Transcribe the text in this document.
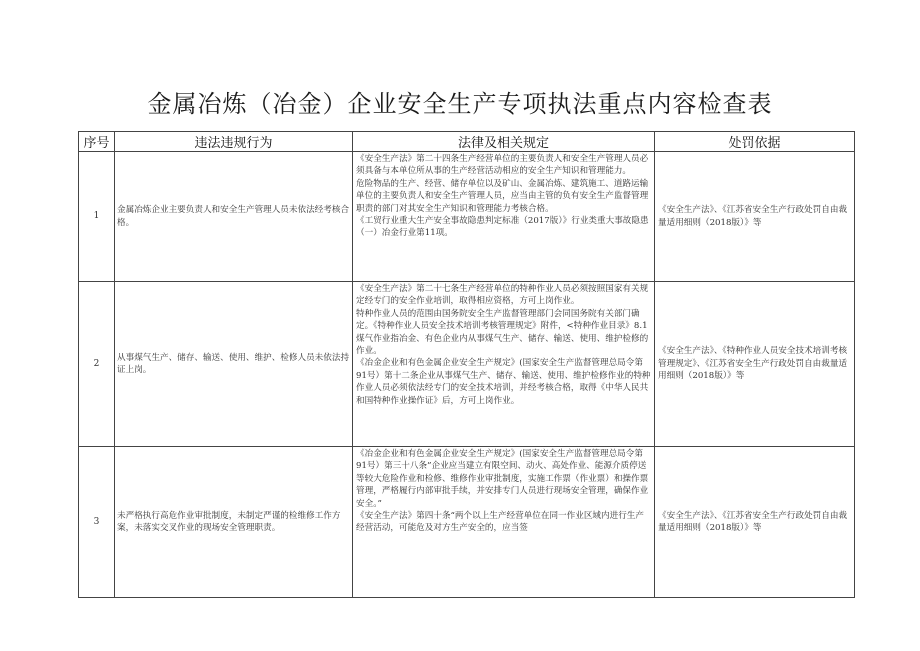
金属冶炼（冶金）企业安全生产专项执法重点内容检查表
序号	违法违规行为	法律及相关规定	处罚依据
1	金属冶炼企业主要负责人和安全生产管理人员未依法经考核合格。	《安全生产法》第二十四条生产经营单位的主要负责人和安全生产管理人员必须具备与本单位所从事的生产经营活动相应的安全生产知识和管理能力。

危险物品的生产、经营、储存单位以及矿山、金属冶炼、建筑施工、道路运输单位的主要负责人和安全生产管理人员，应当由主管的负有安全生产监督管理职责的部门对其安全生产知识和管理能力考核合格。

《工贸行业重大生产安全事故隐患判定标准（2017版）》行业类重大事故隐患（一）冶金行业第11项。	《安全生产法》、《江苏省安全生产行政处罚自由裁量适用细则（2018版）》等
2	从事煤气生产、储存、输送、使用、维护、检修人员未依法持证上岗。	《安全生产法》第二十七条生产经营单位的特种作业人员必须按照国家有关规定经专门的安全作业培训，取得相应资格，方可上岗作业。

特种作业人员的范围由国务院安全生产监督管理部门会同国务院有关部门确定。《特种作业人员安全技术培训考核管理规定》附件，<特种作业目录》8.1煤气作业指冶金、有色企业内从事煤气生产、储存、输送、使用、维护检修的作业。

《冶金企业和有色金属企业安全生产规定》(国家安全生产监督管理总局令第91号）第十二条企业从事煤气生产、储存、输送、使用、维护检修作业的特种作业人员必须依法经专门的安全技术培训，并经考核合格，取得《中华人民共和国特种作业操作证》后，方可上岗作业。	《安全生产法》、《特种作业人员安全技术培训考核管理规定》、《江苏省安全生产行政处罚自由裁量适用细则（2018版）》等
3	未严格执行高危作业审批制度，未制定严谨的检维修工作方案，未落实交叉作业的现场安全管理职责。	《冶金企业和有色金属企业安全生产规定》(国家安全生产监督管理总局令第91号）第三十八条”企业应当建立有限空间、动火、高处作业、能源介质停送等较大危险作业和检修、维修作业审批制度，实施工作票（作业票）和操作票管理，严格履行内部审批手续，并安排专门人员进行现场安全管理，确保作业安全。”

《安全生产法》第四十条“两个以上生产经营单位在同一作业区域内进行生产经营活动，可能危及对方生产安全的，应当签	《安全生产法》、《江苏省安全生产行政处罚自由裁量适用细则（2018版）》等
